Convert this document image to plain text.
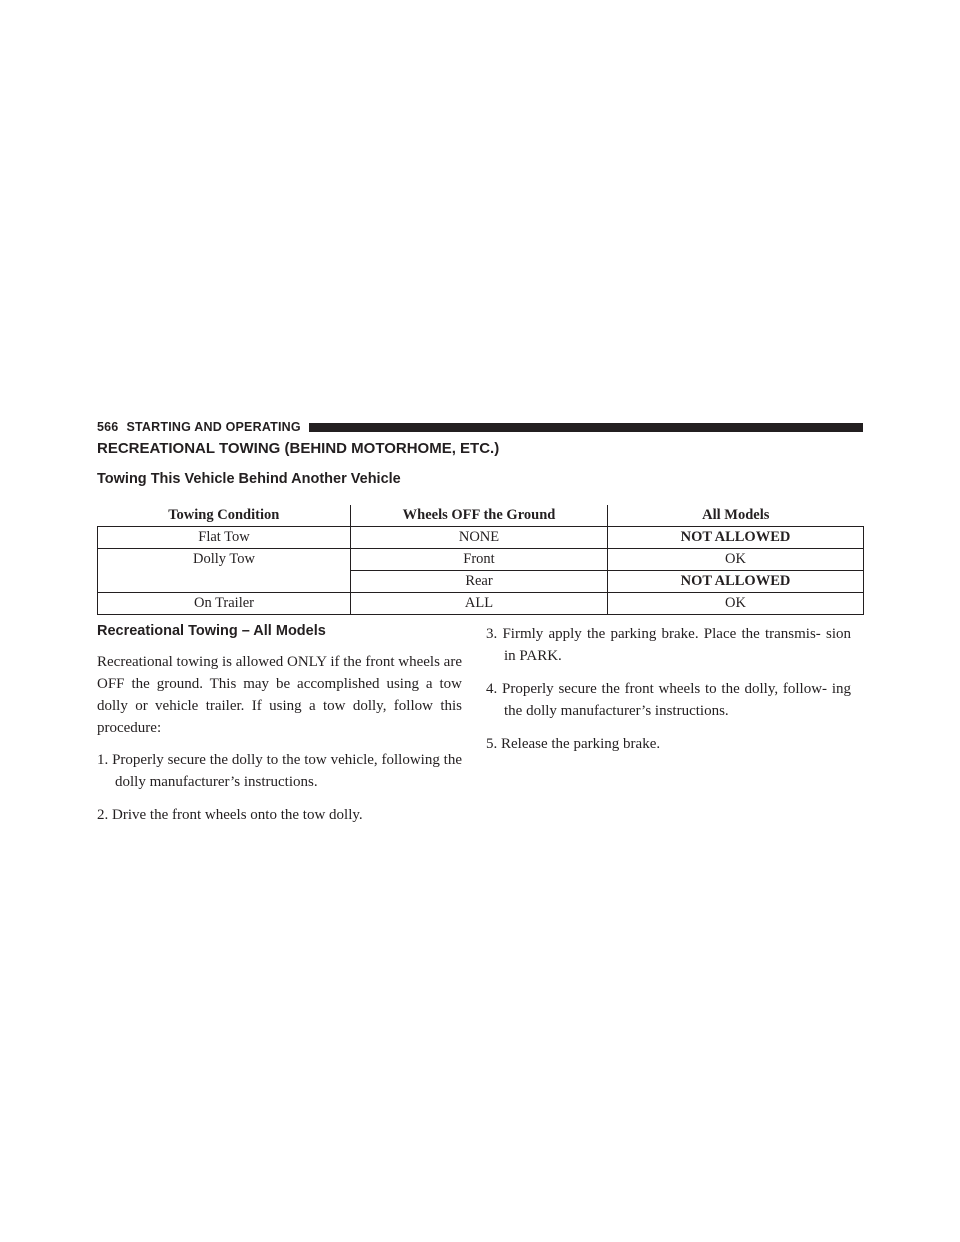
566 STARTING AND OPERATING
RECREATIONAL TOWING (BEHIND MOTORHOME, ETC.)
Towing This Vehicle Behind Another Vehicle
Towing Condition	Wheels OFF the Ground	All Models
Flat Tow	NONE	NOT ALLOWED
Dolly Tow	Front	OK
	Rear	NOT ALLOWED
On Trailer	ALL	OK
Recreational Towing – All Models

Recreational towing is allowed ONLY if the front wheels are OFF the ground. This may be accomplished using a tow dolly or vehicle trailer. If using a tow dolly, follow this procedure:

1. Properly secure the dolly to the tow vehicle, following the dolly manufacturer’s instructions.

2. Drive the front wheels onto the tow dolly.

3. Firmly apply the parking brake. Place the transmis- sion in PARK.

4. Properly secure the front wheels to the dolly, follow- ing the dolly manufacturer’s instructions.

5. Release the parking brake.
